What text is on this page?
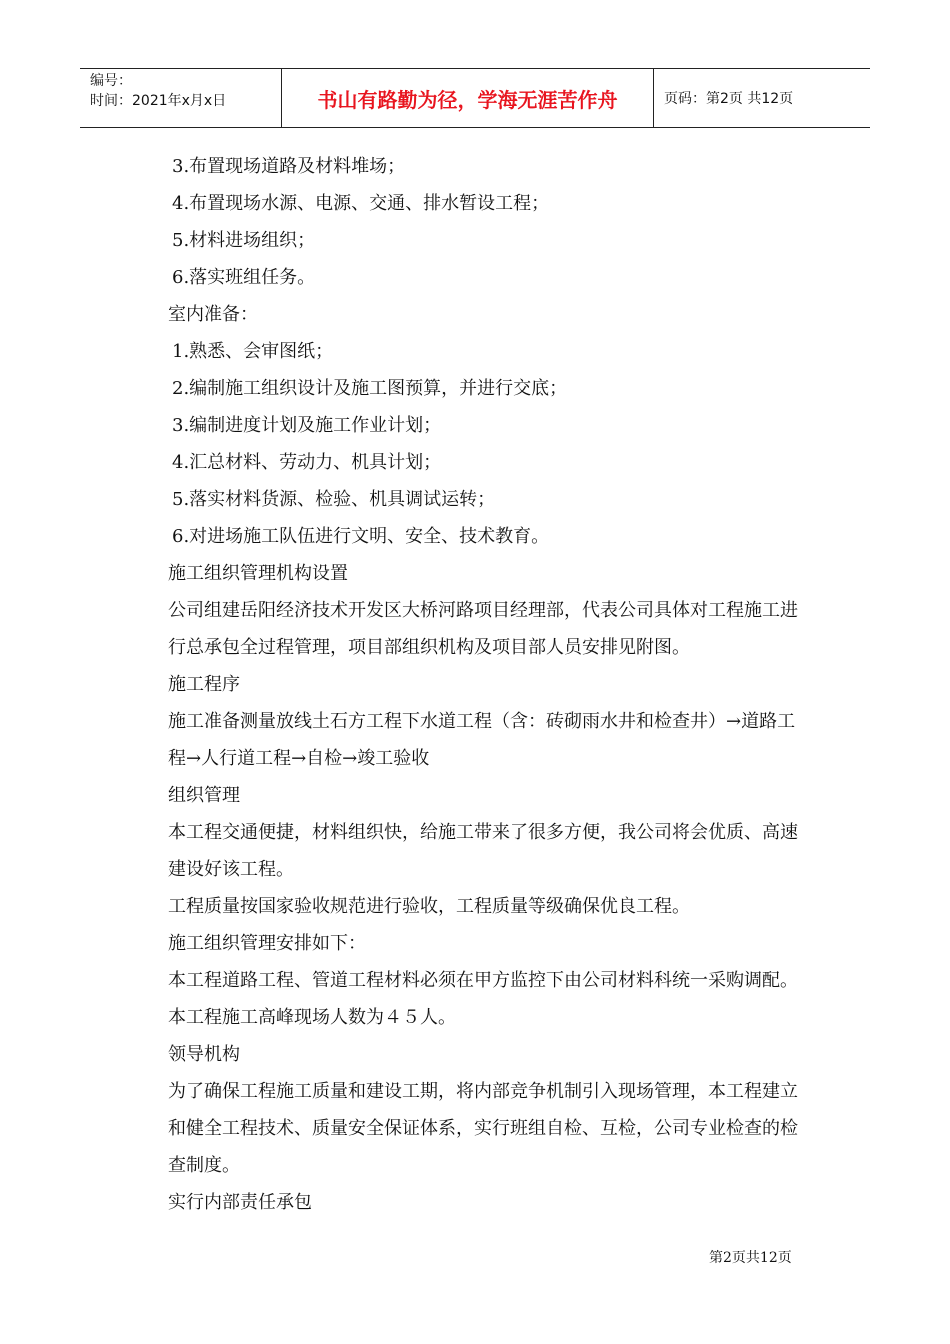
编号：
时间：2021年x月x日	书山有路勤为径，学海无涯苦作舟	页码：第2页 共12页

3.布置现场道路及材料堆场；

4.布置现场水源、电源、交通、排水暂设工程；

5.材料进场组织；

6.落实班组任务。

室内准备：

1.熟悉、会审图纸；

2.编制施工组织设计及施工图预算，并进行交底；

3.编制进度计划及施工作业计划；

4.汇总材料、劳动力、机具计划；

5.落实材料货源、检验、机具调试运转；

6.对进场施工队伍进行文明、安全、技术教育。

施工组织管理机构设置

公司组建岳阳经济技术开发区大桥河路项目经理部，代表公司具体对工程施工进行总承包全过程管理，项目部组织机构及项目部人员安排见附图。

施工程序

施工准备测量放线土石方工程下水道工程（含：砖砌雨水井和检查井）→道路工程→人行道工程→自检→竣工验收

组织管理

本工程交通便捷，材料组织快，给施工带来了很多方便，我公司将会优质、高速建设好该工程。

工程质量按国家验收规范进行验收，工程质量等级确保优良工程。

施工组织管理安排如下：

本工程道路工程、管道工程材料必须在甲方监控下由公司材料科统一采购调配。本工程施工高峰现场人数为４５人。

领导机构

为了确保工程施工质量和建设工期，将内部竞争机制引入现场管理，本工程建立和健全工程技术、质量安全保证体系，实行班组自检、互检，公司专业检查的检查制度。

实行内部责任承包

第2页共12页
